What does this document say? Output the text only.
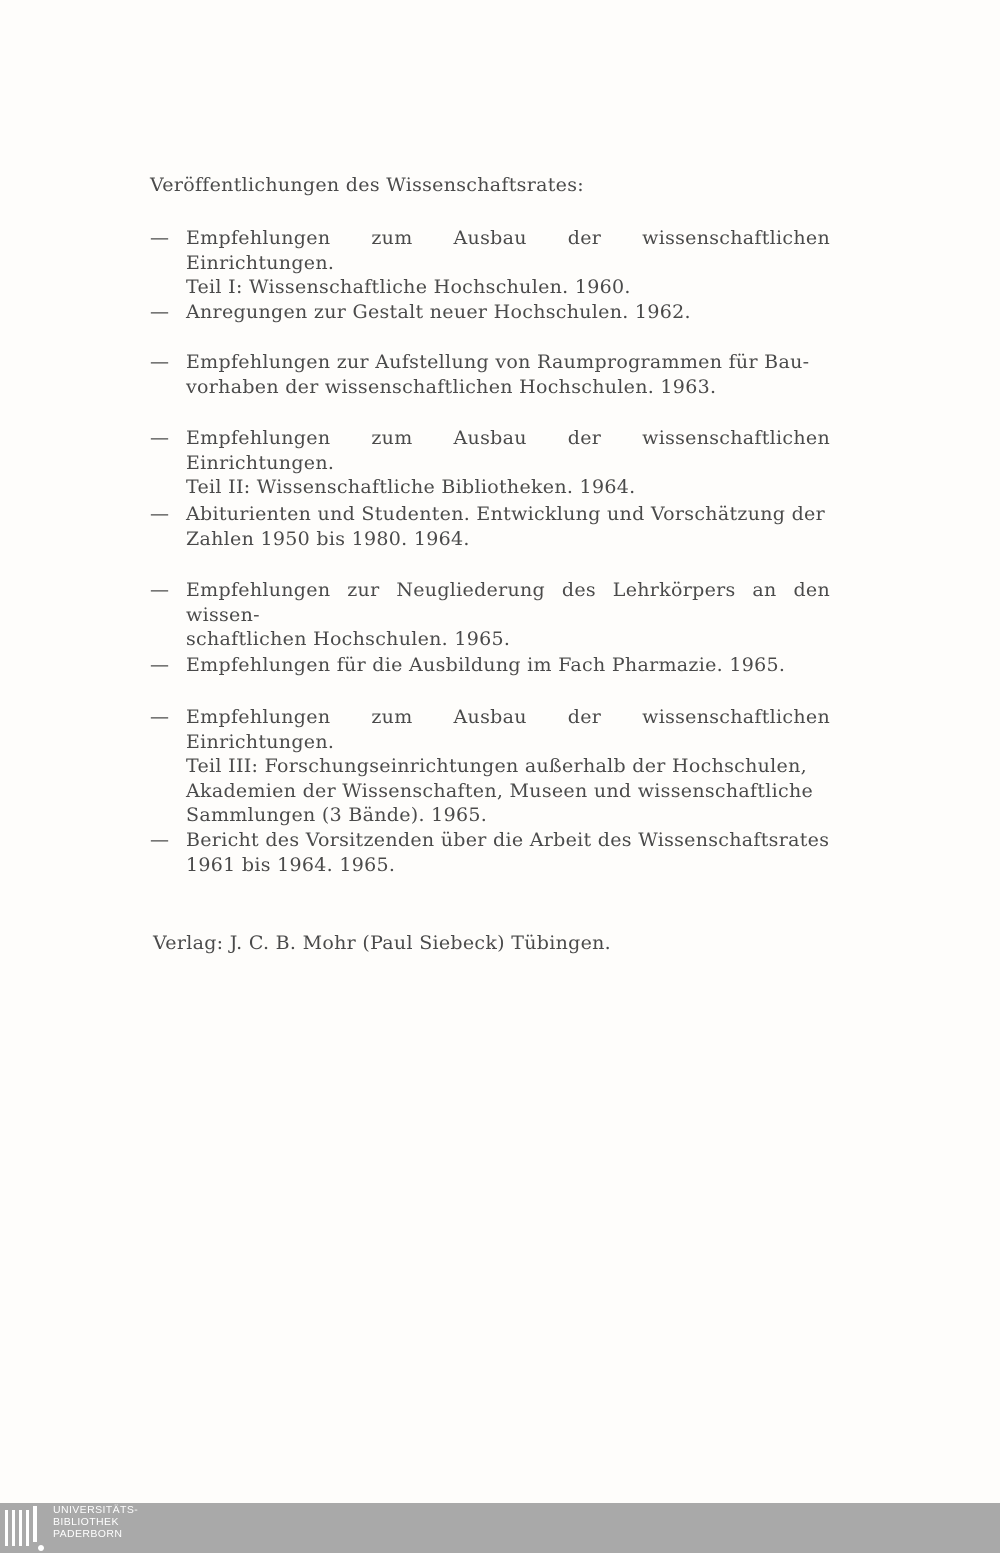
Veröffentlichungen des Wissenschaftsrates:
— Empfehlungen zum Ausbau der wissenschaftlichen Einrichtungen.
Teil I: Wissenschaftliche Hochschulen. 1960.
— Anregungen zur Gestalt neuer Hochschulen. 1962.
— Empfehlungen zur Aufstellung von Raumprogrammen für Bau-
vorhaben der wissenschaftlichen Hochschulen. 1963.
— Empfehlungen zum Ausbau der wissenschaftlichen Einrichtungen.
Teil II: Wissenschaftliche Bibliotheken. 1964.
— Abiturienten und Studenten. Entwicklung und Vorschätzung der
Zahlen 1950 bis 1980. 1964.
— Empfehlungen zur Neugliederung des Lehrkörpers an den wissen-
schaftlichen Hochschulen. 1965.
— Empfehlungen für die Ausbildung im Fach Pharmazie. 1965.
— Empfehlungen zum Ausbau der wissenschaftlichen Einrichtungen.
Teil III: Forschungseinrichtungen außerhalb der Hochschulen,
Akademien der Wissenschaften, Museen und wissenschaftliche
Sammlungen (3 Bände). 1965.
— Bericht des Vorsitzenden über die Arbeit des Wissenschaftsrates
1961 bis 1964. 1965.
Verlag: J. C. B. Mohr (Paul Siebeck) Tübingen.
UNIVERSITÄTS-
BIBLIOTHEK
PADERBORN
